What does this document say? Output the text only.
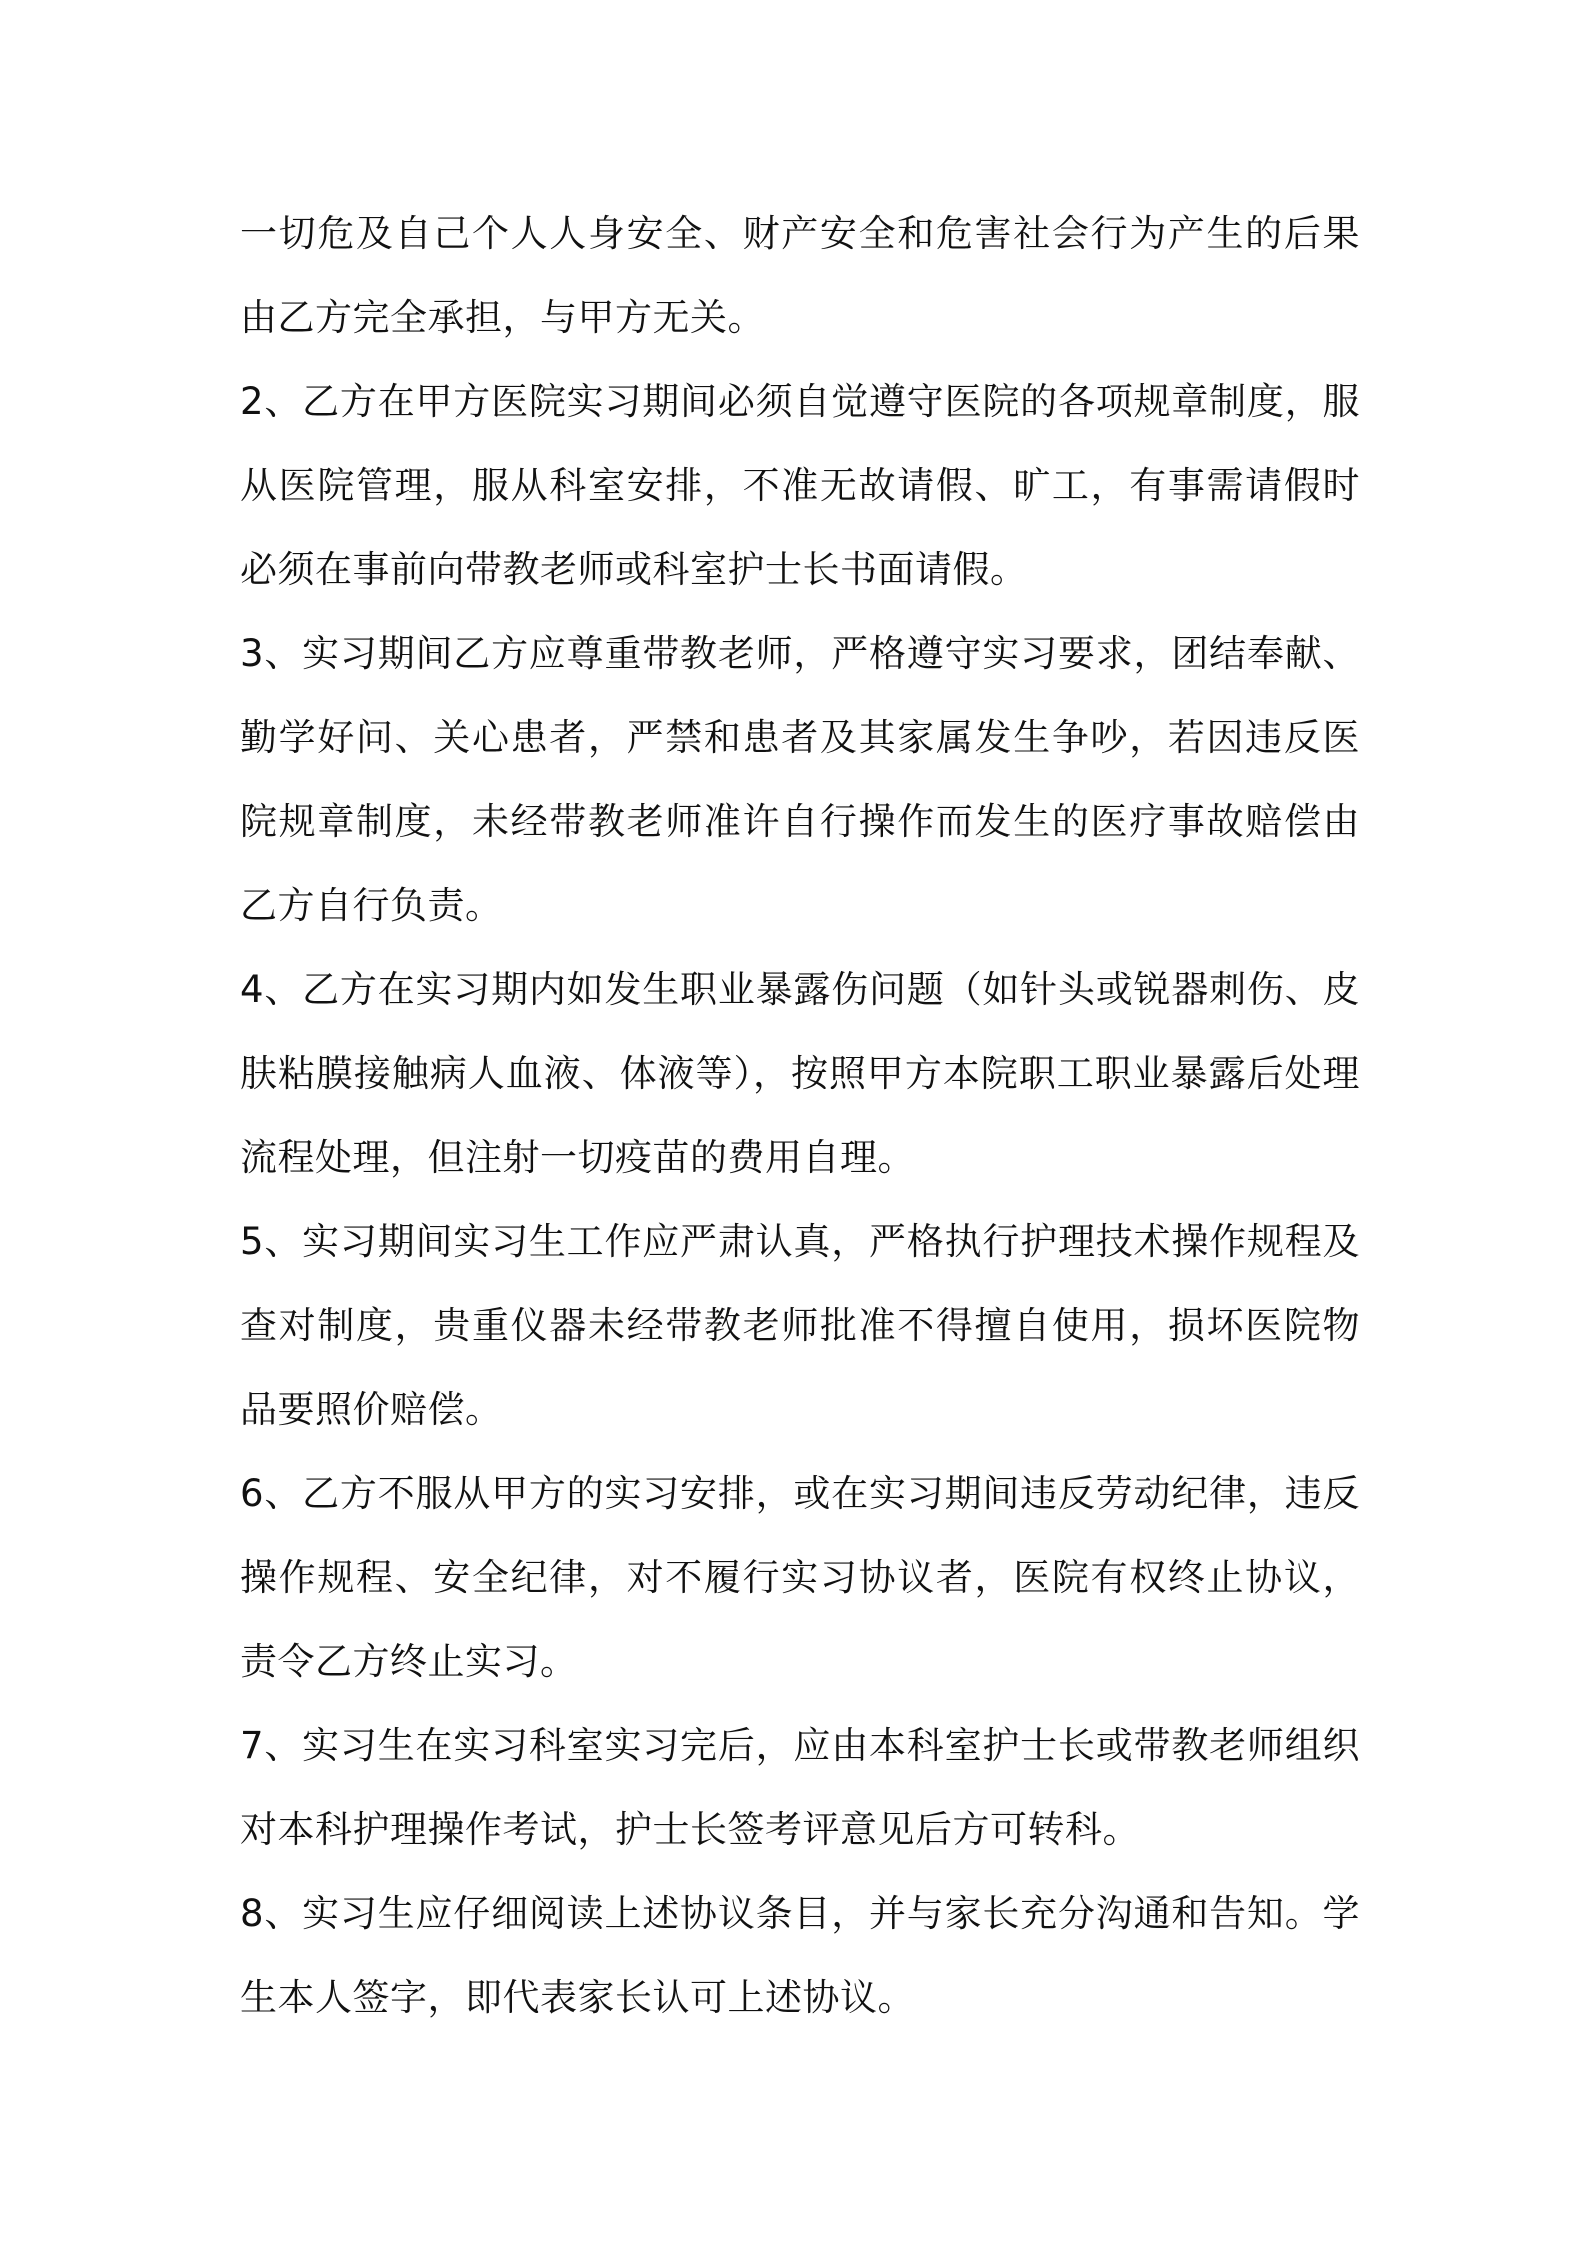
一切危及自己个人人身安全、财产安全和危害社会行为产生的后果由乙方完全承担，与甲方无关。

2、乙方在甲方医院实习期间必须自觉遵守医院的各项规章制度，服从医院管理，服从科室安排，不准无故请假、旷工，有事需请假时必须在事前向带教老师或科室护士长书面请假。

3、实习期间乙方应尊重带教老师，严格遵守实习要求，团结奉献、勤学好问、关心患者，严禁和患者及其家属发生争吵，若因违反医院规章制度，未经带教老师准许自行操作而发生的医疗事故赔偿由乙方自行负责。

4、乙方在实习期内如发生职业暴露伤问题（如针头或锐器刺伤、皮肤粘膜接触病人血液、体液等），按照甲方本院职工职业暴露后处理流程处理，但注射一切疫苗的费用自理。

5、实习期间实习生工作应严肃认真，严格执行护理技术操作规程及查对制度，贵重仪器未经带教老师批准不得擅自使用，损坏医院物品要照价赔偿。

6、乙方不服从甲方的实习安排，或在实习期间违反劳动纪律，违反操作规程、安全纪律，对不履行实习协议者，医院有权终止协议，责令乙方终止实习。

7、实习生在实习科室实习完后，应由本科室护士长或带教老师组织对本科护理操作考试，护士长签考评意见后方可转科。

8、实习生应仔细阅读上述协议条目，并与家长充分沟通和告知。学生本人签字，即代表家长认可上述协议。
